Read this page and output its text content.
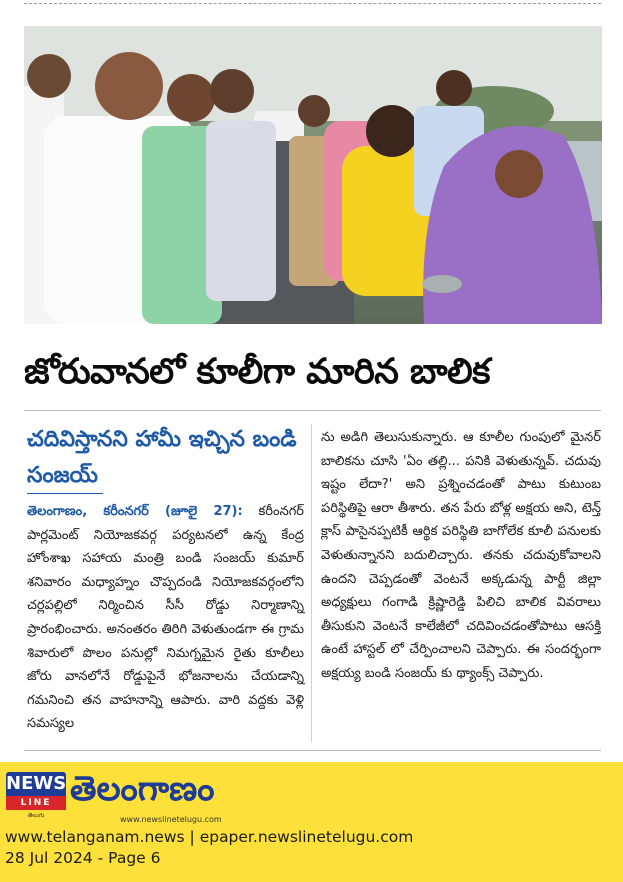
జోరువానలో కూలీగా మారిన బాలిక
చదివిస్తానని హామీ ఇచ్చిన బండి సంజయ్
తెలంగాణం, కరీంనగర్ (జూలై 27): కరీంనగర్ పార్లమెంట్ నియోజకవర్గ పర్యటనలో ఉన్న కేంద్ర హోంశాఖ సహాయ మంత్రి బండి సంజయ్ కుమార్ శనివారం మధ్యాహ్నం చొప్పదండి నియోజకవర్గంలోని చర్లపల్లిలో నిర్మించిన సీసీ రోడ్డు నిర్మాణాన్ని ప్రారంభించారు. అనంతరం తిరిగి వెళుతుండగా ఈ గ్రామ శివారులో పొలం పనుల్లో నిమగ్నమైన రైతు కూలీలు జోరు వానలోనే రోడ్డుపైనే భోజనాలను చేయడాన్ని గమనించి తన వాహనాన్ని ఆపారు. వారి వద్దకు వెళ్లి సమస్యల
ను అడిగి తెలుసుకున్నారు. ఆ కూలీల గుంపులో మైనర్ బాలికను చూసి 'ఏం తల్లి... పనికి వెళుతున్నవ్. చదువు ఇష్టం లేదా?' అని ప్రశ్నించడంతో పాటు కుటుంబ పరిస్థితిపై ఆరా తీశారు. తన పేరు బోళ్ల అక్షయ అని, టెన్త్ క్లాస్ పాసైనప్పటికీ ఆర్థిక పరిస్థితి బాగోలేక కూలీ పనులకు వెళుతున్నానని బదులిచ్చారు. తనకు చదువుకోవాలని ఉందని చెప్పడంతో వెంటనే అక్కడున్న పార్టీ జిల్లా అధ్యక్షులు గంగాడి క్రిష్ణారెడ్డి పిలిచి బాలిక వివరాలు తీసుకుని వెంటనే కాలేజీలో చదివించడంతోపాటు ఆసక్తి ఉంటే హాస్టల్ లో చేర్పించాలని చెప్పారు. ఈ సందర్భంగా అక్షయ్య బండి సంజయ్ కు థ్యాంక్స్ చెప్పారు.
NEWS
LINE
తెలుగు
తెలంగాణం
www.newslinetelugu.com
www.telanganam.news | epaper.newslinetelugu.com
28 Jul 2024 - Page 6
